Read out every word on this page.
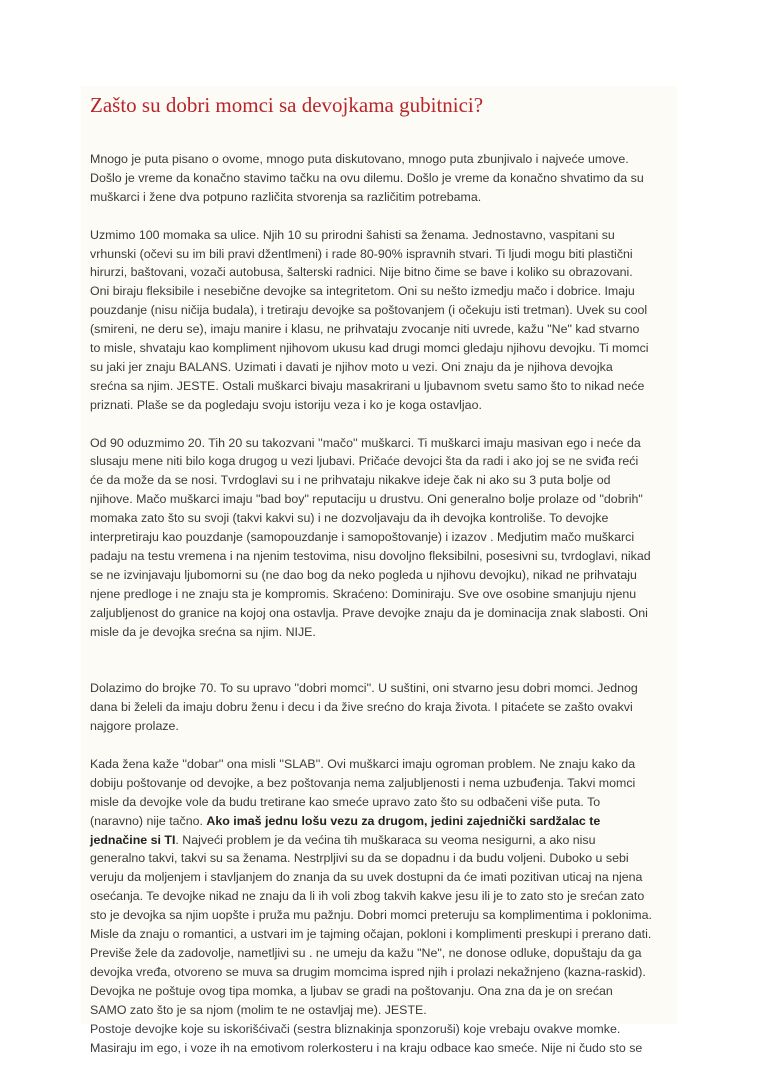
Zašto su dobri momci sa devojkama gubitnici?

Mnogo je puta pisano o ovome, mnogo puta diskutovano, mnogo puta zbunjivalo i najveće umove.
Došlo je vreme da konačno stavimo tačku na ovu dilemu. Došlo je vreme da konačno shvatimo da su
muškarci i žene dva potpuno različita stvorenja sa različitim potrebama.

Uzmimo 100 momaka sa ulice. Njih 10 su prirodni šahisti sa ženama. Jednostavno, vaspitani su
vrhunski (očevi su im bili pravi džentlmeni) i rade 80-90% ispravnih stvari. Ti ljudi mogu biti plastični
hirurzi, baštovani, vozači autobusa, šalterski radnici. Nije bitno čime se bave i koliko su obrazovani.
Oni biraju fleksibile i nesebične devojke sa integritetom. Oni su nešto izmedju mačo i dobrice. Imaju
pouzdanje (nisu ničija budala), i tretiraju devojke sa poštovanjem (i očekuju isti tretman). Uvek su cool
(smireni, ne deru se), imaju manire i klasu, ne prihvataju zvocanje niti uvrede, kažu "Ne" kad stvarno
to misle, shvataju kao kompliment njihovom ukusu kad drugi momci gledaju njihovu devojku. Ti momci
su jaki jer znaju BALANS. Uzimati i davati je njihov moto u vezi. Oni znaju da je njihova devojka
srećna sa njim. JESTE. Ostali muškarci bivaju masakrirani u ljubavnom svetu samo što to nikad neće
priznati. Plaše se da pogledaju svoju istoriju veza i ko je koga ostavljao.

Od 90 oduzmimo 20. Tih 20 su takozvani ''mačo'' muškarci. Ti muškarci imaju masivan ego i neće da
slusaju mene niti bilo koga drugog u vezi ljubavi. Pričaće devojci šta da radi i ako joj se ne sviđa reći
će da može da se nosi. Tvrdoglavi su i ne prihvataju nikakve ideje čak ni ako su 3 puta bolje od
njihove. Mačo muškarci imaju "bad boy" reputaciju u drustvu. Oni generalno bolje prolaze od "dobrih"
momaka zato što su svoji (takvi kakvi su) i ne dozvoljavaju da ih devojka kontroliše. To devojke
interpretiraju kao pouzdanje (samopouzdanje i samopoštovanje) i izazov . Medjutim mačo muškarci
padaju na testu vremena i na njenim testovima, nisu dovoljno fleksibilni, posesivni su, tvrdoglavi, nikad
se ne izvinjavaju ljubomorni su (ne dao bog da neko pogleda u njihovu devojku), nikad ne prihvataju
njene predloge i ne znaju sta je kompromis. Skraćeno: Dominiraju. Sve ove osobine smanjuju njenu
zaljubljenost do granice na kojoj ona ostavlja. Prave devojke znaju da je dominacija znak slabosti. Oni
misle da je devojka srećna sa njim. NIJE.

Dolazimo do brojke 70. To su upravo ''dobri momci''. U suštini, oni stvarno jesu dobri momci. Jednog
dana bi želeli da imaju dobru ženu i decu i da žive srećno do kraja života. I pitaćete se zašto ovakvi
najgore prolaze.

Kada žena kaže ''dobar'' ona misli ''SLAB''. Ovi muškarci imaju ogroman problem. Ne znaju kako da
dobiju poštovanje od devojke, a bez poštovanja nema zaljubljenosti i nema uzbuđenja. Takvi momci
misle da devojke vole da budu tretirane kao smeće upravo zato što su odbačeni više puta. To
(naravno) nije tačno. Ako imaš jednu lošu vezu za drugom, jedini zajednički sardžalac te
jednačine si TI. Najveći problem je da većina tih muškaraca su veoma nesigurni, a ako nisu
generalno takvi, takvi su sa ženama. Nestrpljivi su da se dopadnu i da budu voljeni. Duboko u sebi
veruju da moljenjem i stavljanjem do znanja da su uvek dostupni da će imati pozitivan uticaj na njena
osećanja. Te devojke nikad ne znaju da li ih voli zbog takvih kakve jesu ili je to zato sto je srećan zato
sto je devojka sa njim uopšte i pruža mu pažnju. Dobri momci preteruju sa komplimentima i poklonima.
Misle da znaju o romantici, a ustvari im je tajming očajan, pokloni i komplimenti preskupi i prerano dati.
Previše žele da zadovolje, nametljivi su . ne umeju da kažu "Ne", ne donose odluke, dopuštaju da ga
devojka vređa, otvoreno se muva sa drugim momcima ispred njih i prolazi nekažnjeno (kazna-raskid).
Devojka ne poštuje ovog tipa momka, a ljubav se gradi na poštovanju. Ona zna da je on srećan
SAMO zato što je sa njom (molim te ne ostavljaj me). JESTE.

Postoje devojke koje su iskorišćivači (sestra bliznakinja sponzoruši) koje vrebaju ovakve momke.
Masiraju im ego, i voze ih na emotivom rolerkosteru i na kraju odbace kao smeće. Nije ni čudo sto se
